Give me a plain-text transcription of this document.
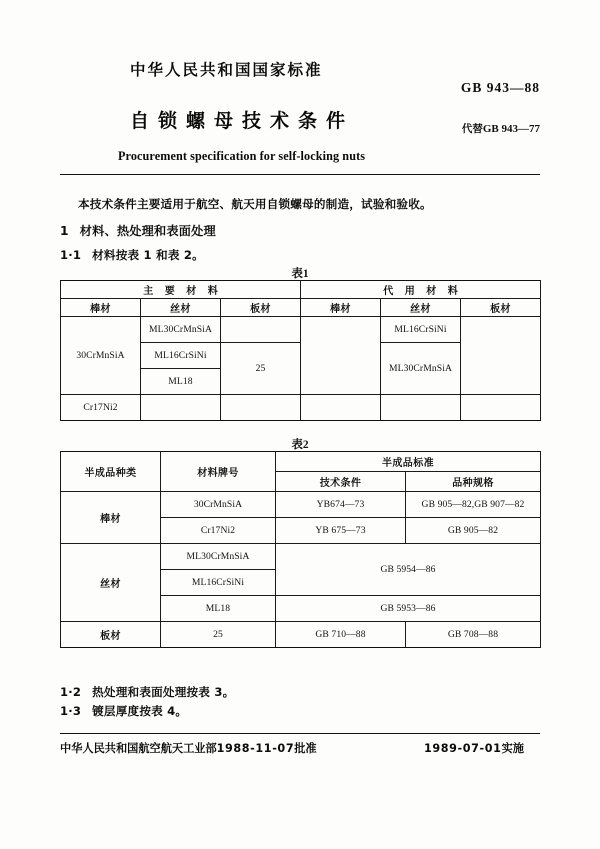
中华人民共和国国家标准
自锁螺母技术条件
Procurement specification for self-locking nuts
GB 943—88
代替GB 943—77
本技术条件主要适用于航空、航天用自锁螺母的制造，试验和验收。
1 材料、热处理和表面处理
1·1 材料按表 1 和表 2。
表1
主 要 材 料			代 用 材 料		
棒材	丝材	板材	棒材	丝材	板材
30CrMnSiA	ML30CrMnSiA			ML16CrSiNi	
	ML16CrSiNi	25		ML30CrMnSiA	
	ML18				
Cr17Ni2					
表2
半成品种类	材料牌号	半成品标准	
		技术条件	品种规格
棒材	30CrMnSiA	YB674—73	GB 905—82,GB 907—82
	Cr17Ni2	YB 675—73	GB 905—82
丝材	ML30CrMnSiA	GB 5954—86	
	ML16CrSiNi		
	ML18	GB 5953—86	
板材	25	GB 710—88	GB 708—88
1·2 热处理和表面处理按表 3。
1·3 镀层厚度按表 4。
中华人民共和国航空航天工业部1988-11-07批准	1989-07-01实施
